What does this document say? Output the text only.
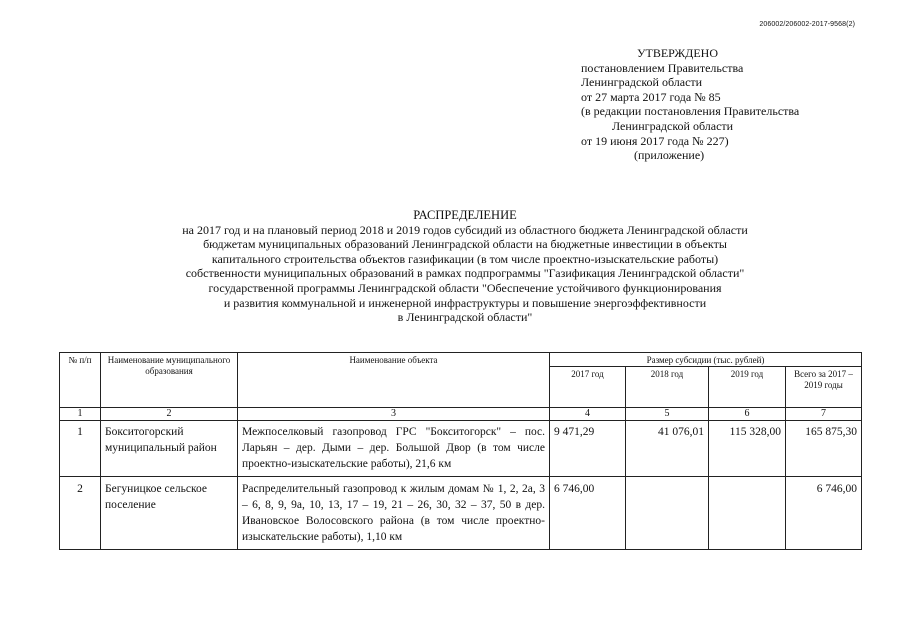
206002/206002-2017-9568(2)
УТВЕРЖДЕНО
постановлением Правительства
Ленинградской области
от 27 марта 2017 года № 85
(в редакции постановления Правительства
Ленинградской области
от 19 июня 2017 года № 227)
(приложение)
РАСПРЕДЕЛЕНИЕ
на 2017 год и на плановый период 2018 и 2019 годов субсидий из областного бюджета Ленинградской области
бюджетам муниципальных образований Ленинградской области на бюджетные инвестиции в объекты
капитального строительства объектов газификации (в том числе проектно-изыскательские работы)
собственности муниципальных образований в рамках подпрограммы "Газификация Ленинградской области"
государственной программы Ленинградской области "Обеспечение устойчивого функционирования
и развития коммунальной и инженерной инфраструктуры и повышение энергоэффективности
в Ленинградской области"
№ п/п	Наименование муниципального образования	Наименование объекта	Размер субсидии (тыс. рублей)			
			2017 год	2018 год	2019 год	Всего за 2017 – 2019 годы
1	2	3	4	5	6	7
1	Бокситогорский муниципальный район	Межпоселковый газопровод ГРС "Бокситогорск" – пос. Ларьян – дер. Дыми – дер. Большой Двор (в том числе проектно-изыскательские работы), 21,6 км	9 471,29	41 076,01	115 328,00	165 875,30
2	Бегуницкое сельское поселение	Распределительный газопровод к жилым домам № 1, 2, 2а, 3 – 6, 8, 9, 9а, 10, 13, 17 – 19, 21 – 26, 30, 32 – 37, 50 в дер. Ивановское Волосовского района (в том числе проектно-изыскательские работы), 1,10 км	6 746,00			6 746,00
